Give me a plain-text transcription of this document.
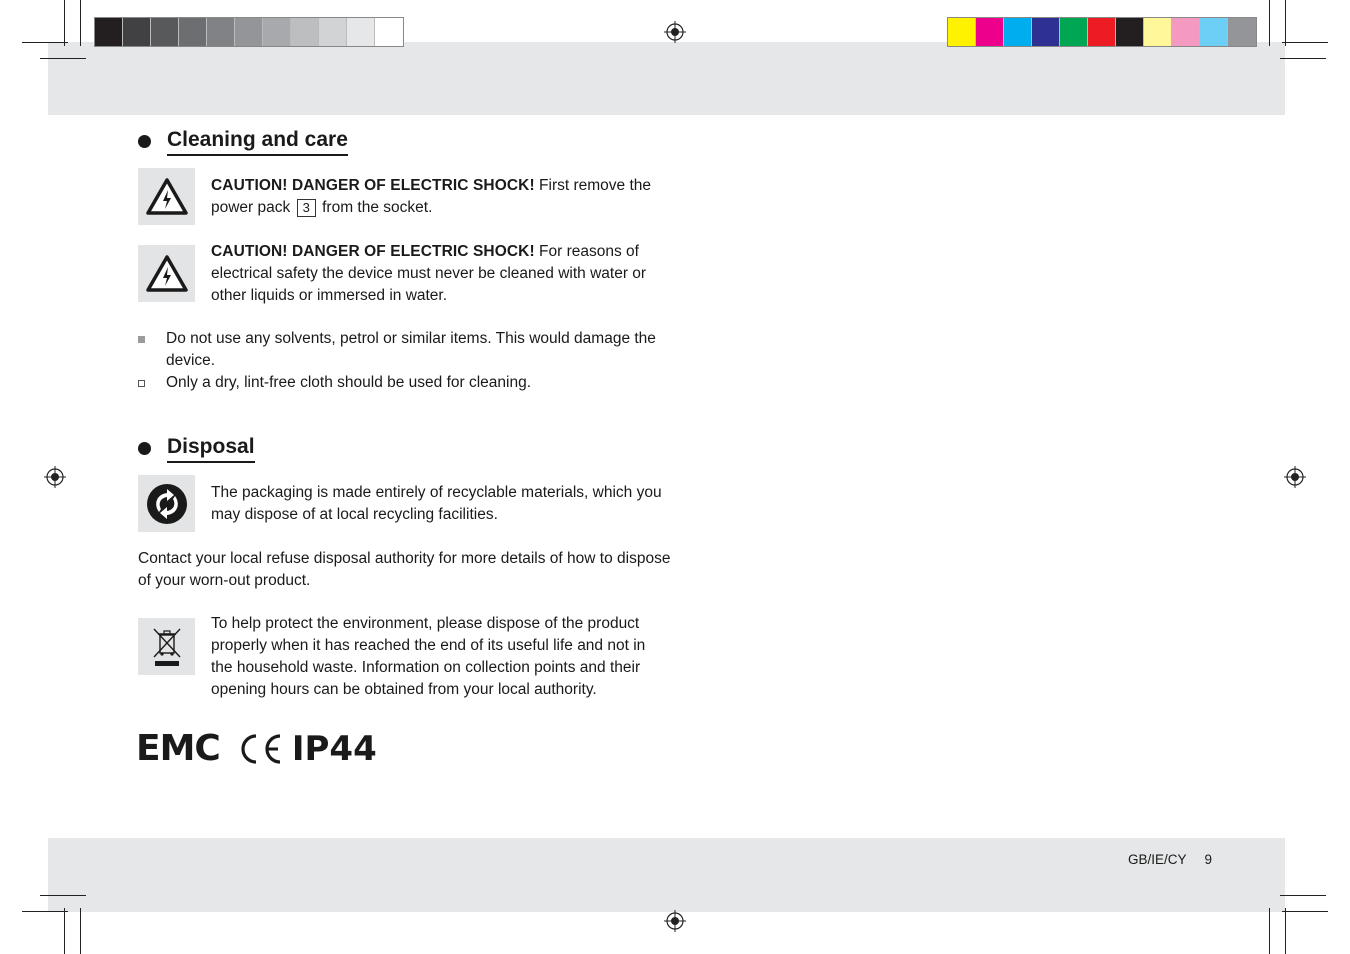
Cleaning and care
CAUTION! DANGER OF ELECTRIC SHOCK! First remove the power pack 3 from the socket.
CAUTION! DANGER OF ELECTRIC SHOCK! For reasons of electrical safety the device must never be cleaned with water or other liquids or immersed in water.
Do not use any solvents, petrol or similar items. This would damage the device.
Only a dry, lint-free cloth should be used for cleaning.
Disposal
The packaging is made entirely of recyclable materials, which you may dispose of at local recycling facilities.
Contact your local refuse disposal authority for more details of how to dispose of your worn-out product.
To help protect the environment, please dispose of the product properly when it has reached the end of its useful life and not in the household waste. Information on collection points and their opening hours can be obtained from your local authority.
EMC IP44
GB/IE/CY 9
